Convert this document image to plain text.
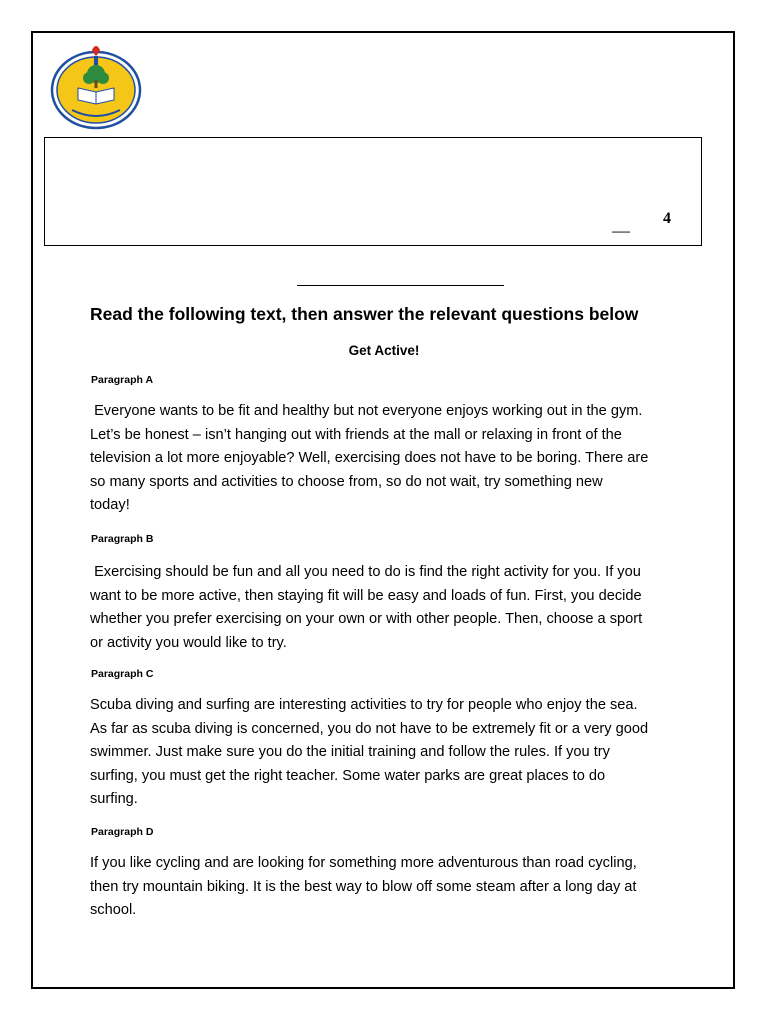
__ 4
Read the following text, then answer the relevant questions below
Get Active!
Paragraph A
Everyone wants to be fit and healthy but not everyone enjoys working out in the gym.
Let’s be honest – isn’t hanging out with friends at the mall or relaxing in front of the
television a lot more enjoyable? Well, exercising does not have to be boring. There are
so many sports and activities to choose from, so do not wait, try something new
today!
Paragraph B
Exercising should be fun and all you need to do is find the right activity for you. If you
want to be more active, then staying fit will be easy and loads of fun. First, you decide
whether you prefer exercising on your own or with other people. Then, choose a sport
or activity you would like to try.
Paragraph C
Scuba diving and surfing are interesting activities to try for people who enjoy the sea.
As far as scuba diving is concerned, you do not have to be extremely fit or a very good
swimmer. Just make sure you do the initial training and follow the rules. If you try
surfing, you must get the right teacher. Some water parks are great places to do
surfing.
Paragraph D
If you like cycling and are looking for something more adventurous than road cycling,
then try mountain biking. It is the best way to blow off some steam after a long day at
school.
